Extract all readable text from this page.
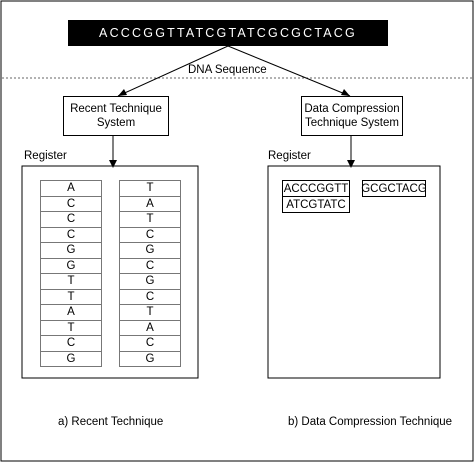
ACCCGGTTATCGTATCGCGCTACG
DNA Sequence
Recent Technique
System
Data Compression
Technique System
Register	Register
A
C
C
C
G
G
T
T
A
T
C
G
T
A
T
C
G
C
G
C
T
A
C
G
ACCCGGTT GCGCTACG
ATCGTATC
a) Recent Technique	b) Data Compression Technique
